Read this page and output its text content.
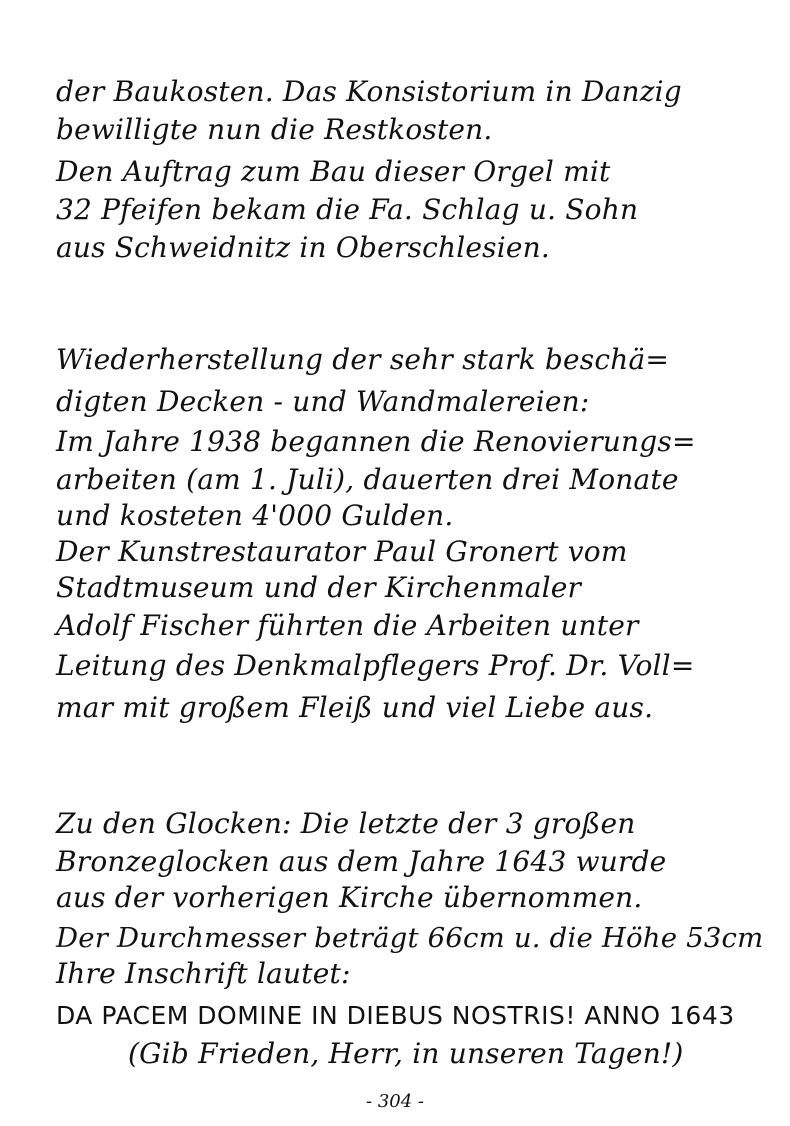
der Baukosten. Das Konsistorium in Danzig
bewilligte nun die Restkosten.
Den Auftrag zum Bau dieser Orgel mit
32 Pfeifen bekam die Fa. Schlag u. Sohn
aus Schweidnitz in Oberschlesien.
Wiederherstellung der sehr stark beschä=
digten Decken - und Wandmalereien:
Im Jahre 1938 begannen die Renovierungs=
arbeiten (am 1. Juli), dauerten drei Monate
und kosteten 4'000 Gulden.
Der Kunstrestaurator Paul Gronert vom
Stadtmuseum und der Kirchenmaler
Adolf Fischer führten die Arbeiten unter
Leitung des Denkmalpflegers Prof. Dr. Voll=
mar mit großem Fleiß und viel Liebe aus.
Zu den Glocken: Die letzte der 3 großen
Bronzeglocken aus dem Jahre 1643 wurde
aus der vorherigen Kirche übernommen.
Der Durchmesser beträgt 66cm u. die Höhe 53cm
Ihre Inschrift lautet:
DA PACEM DOMINE IN DIEBUS NOSTRIS! ANNO 1643
(Gib Frieden, Herr, in unseren Tagen!)
- 304 -
